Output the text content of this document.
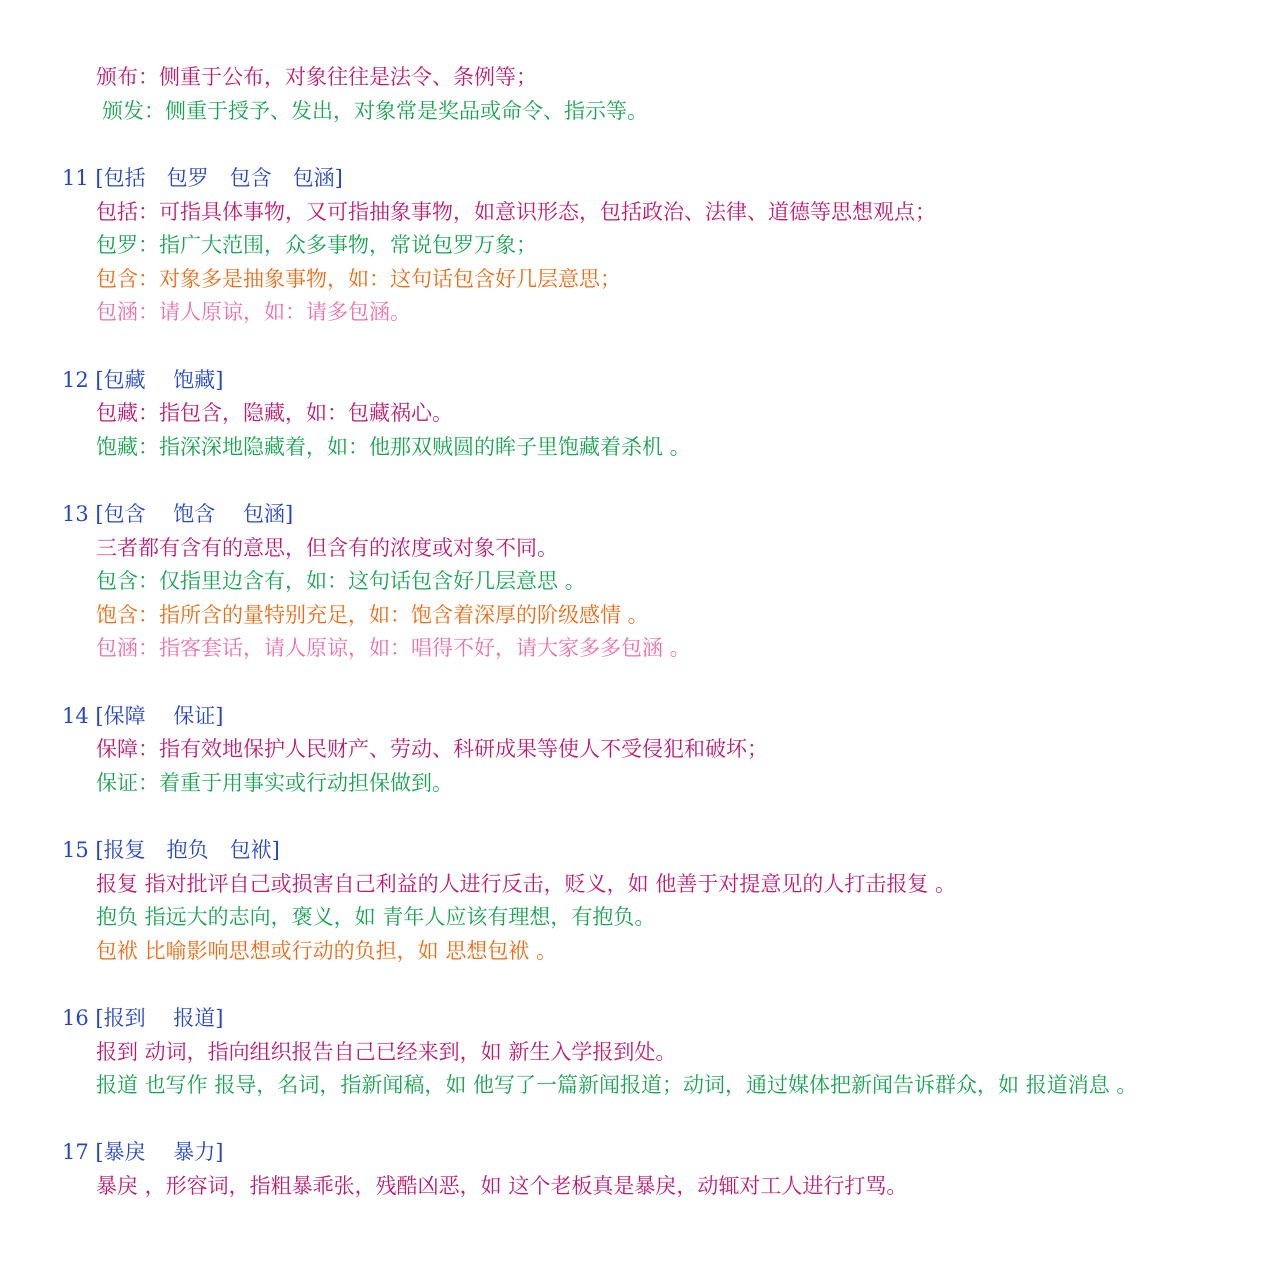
颁布：侧重于公布，对象往往是法令、条例等；
颁发：侧重于授予、发出，对象常是奖品或命令、指示等。
11 [包括　包罗　包含　包涵]
包括：可指具体事物，又可指抽象事物，如意识形态，包括政治、法律、道德等思想观点；
包罗：指广大范围，众多事物，常说包罗万象；
包含：对象多是抽象事物，如：这句话包含好几层意思；
包涵：请人原谅，如：请多包涵。
12 [包藏　 饱藏]
包藏：指包含，隐藏，如：包藏祸心。
饱藏：指深深地隐藏着，如：他那双贼圆的眸子里饱藏着杀机 。
13 [包含　 饱含　 包涵]
三者都有含有的意思，但含有的浓度或对象不同。
包含：仅指里边含有，如：这句话包含好几层意思 。
饱含：指所含的量特别充足，如：饱含着深厚的阶级感情 。
包涵：指客套话，请人原谅，如：唱得不好，请大家多多包涵 。
14 [保障　 保证]
保障：指有效地保护人民财产、劳动、科研成果等使人不受侵犯和破坏；
保证：着重于用事实或行动担保做到。
15 [报复　抱负　包袱]
报复 指对批评自己或损害自己利益的人进行反击，贬义，如 他善于对提意见的人打击报复 。
抱负 指远大的志向，褒义，如 青年人应该有理想，有抱负。
包袱 比喻影响思想或行动的负担，如 思想包袱 。
16 [报到　 报道]
报到 动词，指向组织报告自己已经来到，如 新生入学报到处。
报道 也写作 报导，名词，指新闻稿，如 他写了一篇新闻报道；动词，通过媒体把新闻告诉群众，如 报道消息 。
17 [暴戾　 暴力]
暴戾 ，形容词，指粗暴乖张，残酷凶恶，如 这个老板真是暴戾，动辄对工人进行打骂。
